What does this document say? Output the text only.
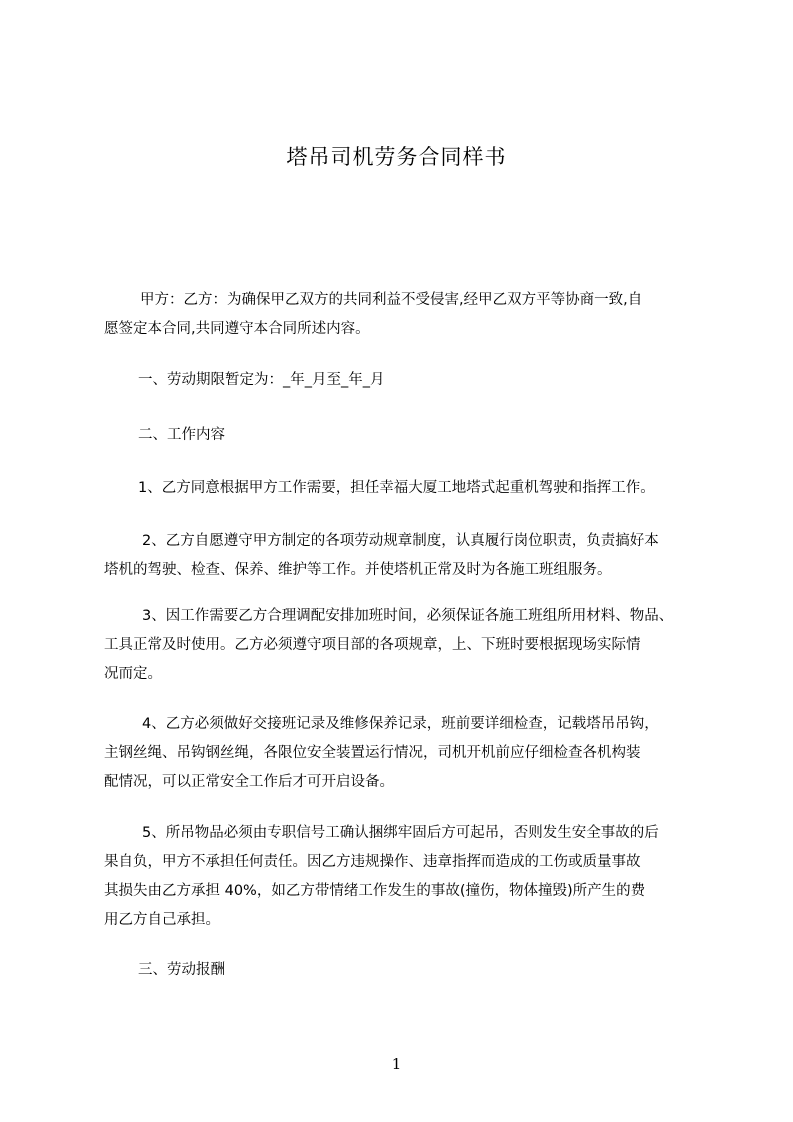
塔吊司机劳务合同样书
甲方：乙方：为确保甲乙双方的共同利益不受侵害,经甲乙双方平等协商一致,自
愿签定本合同,共同遵守本合同所述内容。
一、劳动期限暂定为：_年_月至_年_月
二、工作内容
1、乙方同意根据甲方工作需要，担任幸福大厦工地塔式起重机驾驶和指挥工作。
2、乙方自愿遵守甲方制定的各项劳动规章制度，认真履行岗位职责，负责搞好本
塔机的驾驶、检查、保养、维护等工作。并使塔机正常及时为各施工班组服务。
3、因工作需要乙方合理调配安排加班时间，必须保证各施工班组所用材料、物品、
工具正常及时使用。乙方必须遵守项目部的各项规章，上、下班时要根据现场实际情
况而定。
4、乙方必须做好交接班记录及维修保养记录，班前要详细检查，记载塔吊吊钩，
主钢丝绳、吊钩钢丝绳，各限位安全装置运行情况，司机开机前应仔细检查各机构装
配情况，可以正常安全工作后才可开启设备。
5、所吊物品必须由专职信号工确认捆绑牢固后方可起吊，否则发生安全事故的后
果自负，甲方不承担任何责任。因乙方违规操作、违章指挥而造成的工伤或质量事故
其损失由乙方承担 40%，如乙方带情绪工作发生的事故(撞伤，物体撞毁)所产生的费
用乙方自己承担。
三、劳动报酬
1
